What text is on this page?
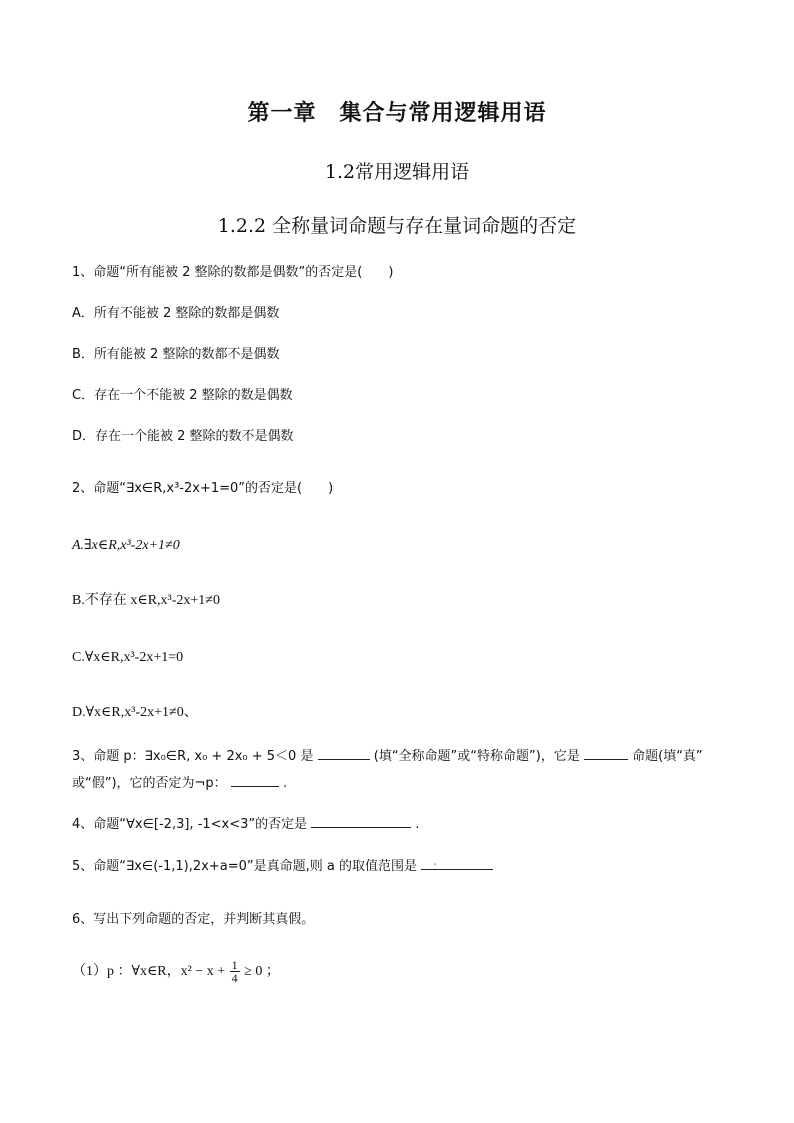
第一章　集合与常用逻辑用语
1.2常用逻辑用语
1.2.2 全称量词命题与存在量词命题的否定
1、命题“所有能被 2 整除的数都是偶数”的否定是(　　)
A．所有不能被 2 整除的数都是偶数
B．所有能被 2 整除的数都不是偶数
C．存在一个不能被 2 整除的数是偶数
D．存在一个能被 2 整除的数不是偶数
2、命题“∃x∈R,x³-2x+1=0”的否定是(　　)
A.∃x∈R,x³-2x+1≠0
B.不存在 x∈R,x³-2x+1≠0
C.∀x∈R,x³-2x+1=0
D.∀x∈R,x³-2x+1≠0、
3、命题 p：∃x₀∈R, x₀ + 2x₀ + 5＜0 是	(填“全称命题”或“特称命题”)，它是	命题(填“真”
或“假”)，它的否定为¬p：	.
4、命题“∀x∈[-2,3], -1<x<3”的否定是	.
5、命题“∃x∈(-1,1),2x+a=0”是真命题,则 a 的取值范围是 .
6、写出下列命题的否定，并判断其真假。
（1）p ：∀x∈R，$x^2 - x + \frac{1}{4} \ge 0$ ；
